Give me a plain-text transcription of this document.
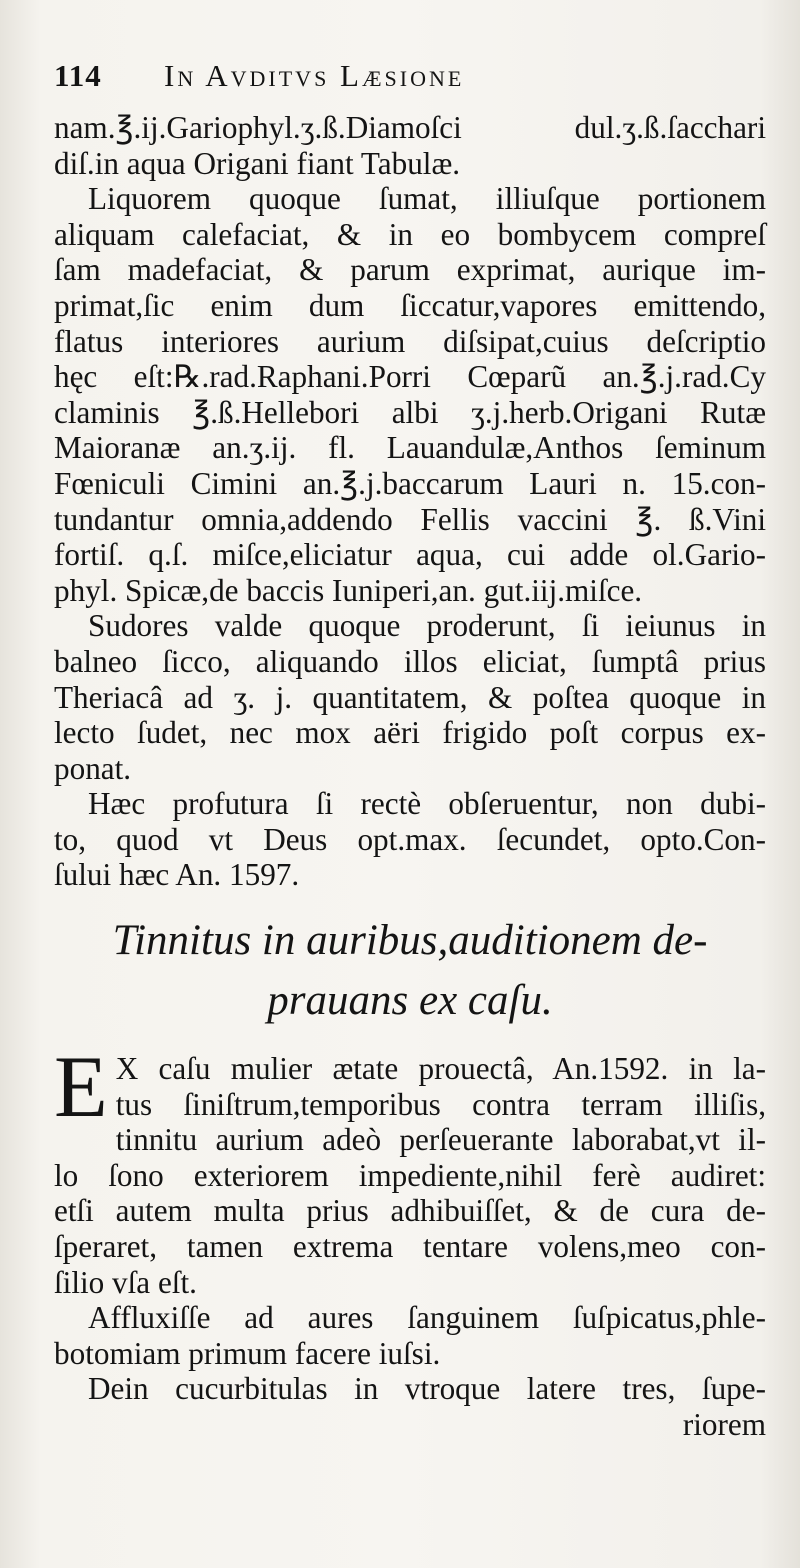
114	In Avditvs Læsione
nam.℥.ij.Gariophyl.ʒ.ß.Diamoſci dul.ʒ.ß.ſacchari
diſ.in aqua Origani fiant Tabulæ.
Liquorem quoque ſumat, illiuſque portionem
aliquam calefaciat, & in eo bombycem compreſ
ſam madefaciat, & parum exprimat, aurique im-
primat,ſic enim dum ſiccatur,vapores emittendo,
flatus interiores aurium diſsipat,cuius deſcriptio
hęc eſt:℞.rad.Raphani.Porri Cœparũ an.℥.j.rad.Cy
claminis ℥.ß.Hellebori albi ʒ.j.herb.Origani Rutæ
Maioranæ an.ʒ.ij. fl. Lauandulæ,Anthos ſeminum
Fœniculi Cimini an.℥.j.baccarum Lauri n. 15.con-
tundantur omnia,addendo Fellis vaccini ℥. ß.Vini
fortiſ. q.ſ. miſce,eliciatur aqua, cui adde ol.Gario-
phyl. Spicæ,de baccis Iuniperi,an. gut.iij.miſce.
Sudores valde quoque proderunt, ſi ieiunus in
balneo ſicco, aliquando illos eliciat, ſumptâ prius
Theriacâ ad ʒ. j. quantitatem, & poſtea quoque in
lecto ſudet, nec mox aëri frigido poſt corpus ex-
ponat.
Hæc profutura ſi rectè obſeruentur, non dubi-
to, quod vt Deus opt.max. ſecundet, opto.Con-
ſului hæc An. 1597.
Tinnitus in auribus,auditionem de-
prauans ex caſu.
E X caſu mulier ætate prouectâ, An.1592. in la-
tus ſiniſtrum,temporibus contra terram illiſis,
tinnitu aurium adeò perſeuerante laborabat,vt il-
lo ſono exteriorem impediente,nihil ferè audiret:
etſi autem multa prius adhibuiſſet, & de cura de-
ſperaret, tamen extrema tentare volens,meo con-
ſilio vſa eſt.
Affluxiſſe ad aures ſanguinem ſuſpicatus,phle-
botomiam primum facere iuſsi.
Dein cucurbitulas in vtroque latere tres, ſupe-
riorem
